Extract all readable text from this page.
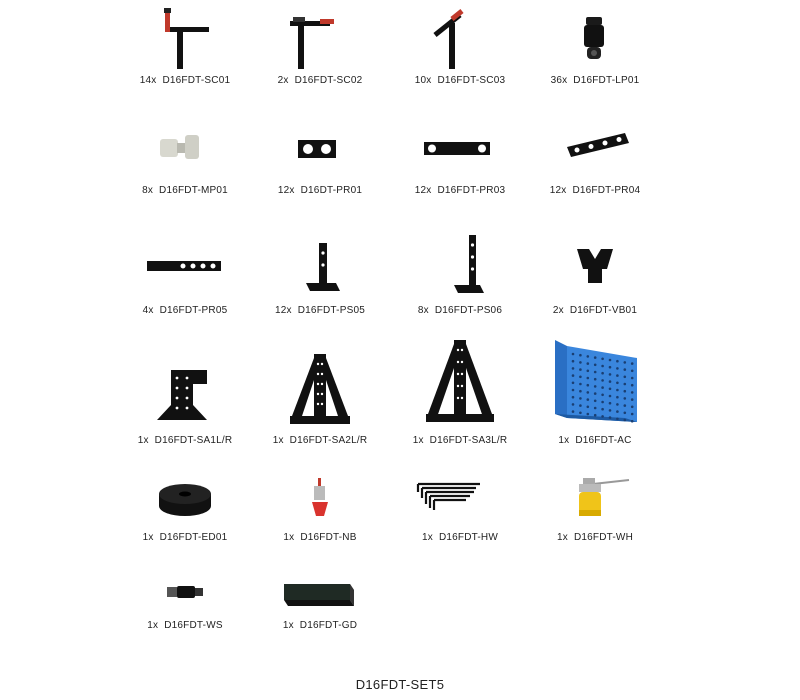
14x D16FDT-SC01	2x D16FDT-SC02	10x D16FDT-SC03	36x D16FDT-LP01
8x D16FDT-MP01	12x D16DT-PR01	12x D16FDT-PR03	12x D16FDT-PR04
4x D16FDT-PR05	12x D16FDT-PS05	8x D16FDT-PS06	2x D16FDT-VB01
1x D16FDT-SA1L/R	1x D16FDT-SA2L/R	1x D16FDT-SA3L/R	1x D16FDT-AC
1x D16FDT-ED01	1x D16FDT-NB	1x D16FDT-HW	1x D16FDT-WH
1x D16FDT-WS	1x D16FDT-GD
D16FDT-SET5
